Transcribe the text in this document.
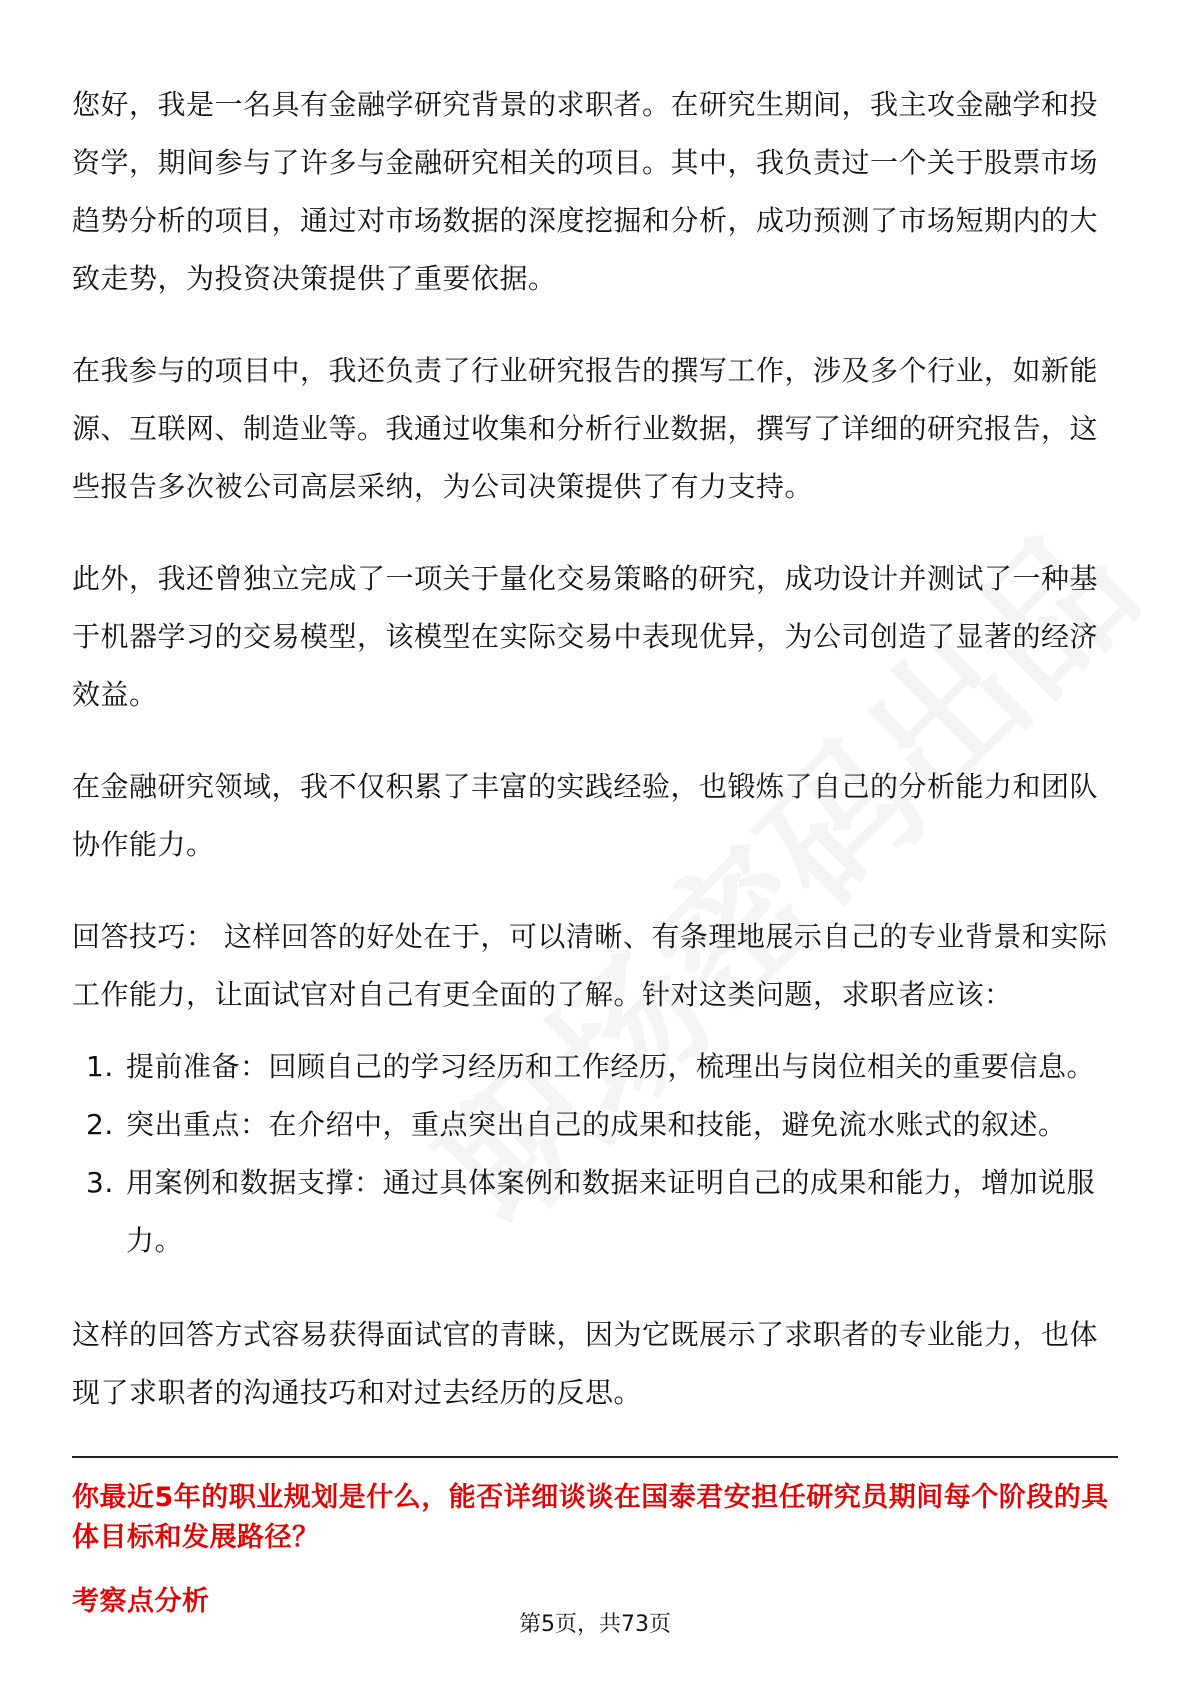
您好，我是一名具有金融学研究背景的求职者。在研究生期间，我主攻金融学和投资学，期间参与了许多与金融研究相关的项目。其中，我负责过一个关于股票市场趋势分析的项目，通过对市场数据的深度挖掘和分析，成功预测了市场短期内的大致走势，为投资决策提供了重要依据。

在我参与的项目中，我还负责了行业研究报告的撰写工作，涉及多个行业，如新能源、互联网、制造业等。我通过收集和分析行业数据，撰写了详细的研究报告，这些报告多次被公司高层采纳，为公司决策提供了有力支持。

此外，我还曾独立完成了一项关于量化交易策略的研究，成功设计并测试了一种基于机器学习的交易模型，该模型在实际交易中表现优异，为公司创造了显著的经济效益。

在金融研究领域，我不仅积累了丰富的实践经验，也锻炼了自己的分析能力和团队协作能力。

回答技巧： 这样回答的好处在于，可以清晰、有条理地展示自己的专业背景和实际工作能力，让面试官对自己有更全面的了解。针对这类问题，求职者应该：

1. 提前准备：回顾自己的学习经历和工作经历，梳理出与岗位相关的重要信息。
2. 突出重点：在介绍中，重点突出自己的成果和技能，避免流水账式的叙述。
3. 用案例和数据支撑：通过具体案例和数据来证明自己的成果和能力，增加说服力。

这样的回答方式容易获得面试官的青睐，因为它既展示了求职者的专业能力，也体现了求职者的沟通技巧和对过去经历的反思。

你最近5年的职业规划是什么，能否详细谈谈在国泰君安担任研究员期间每个阶段的具体目标和发展路径？

考察点分析

第5页，共73页
